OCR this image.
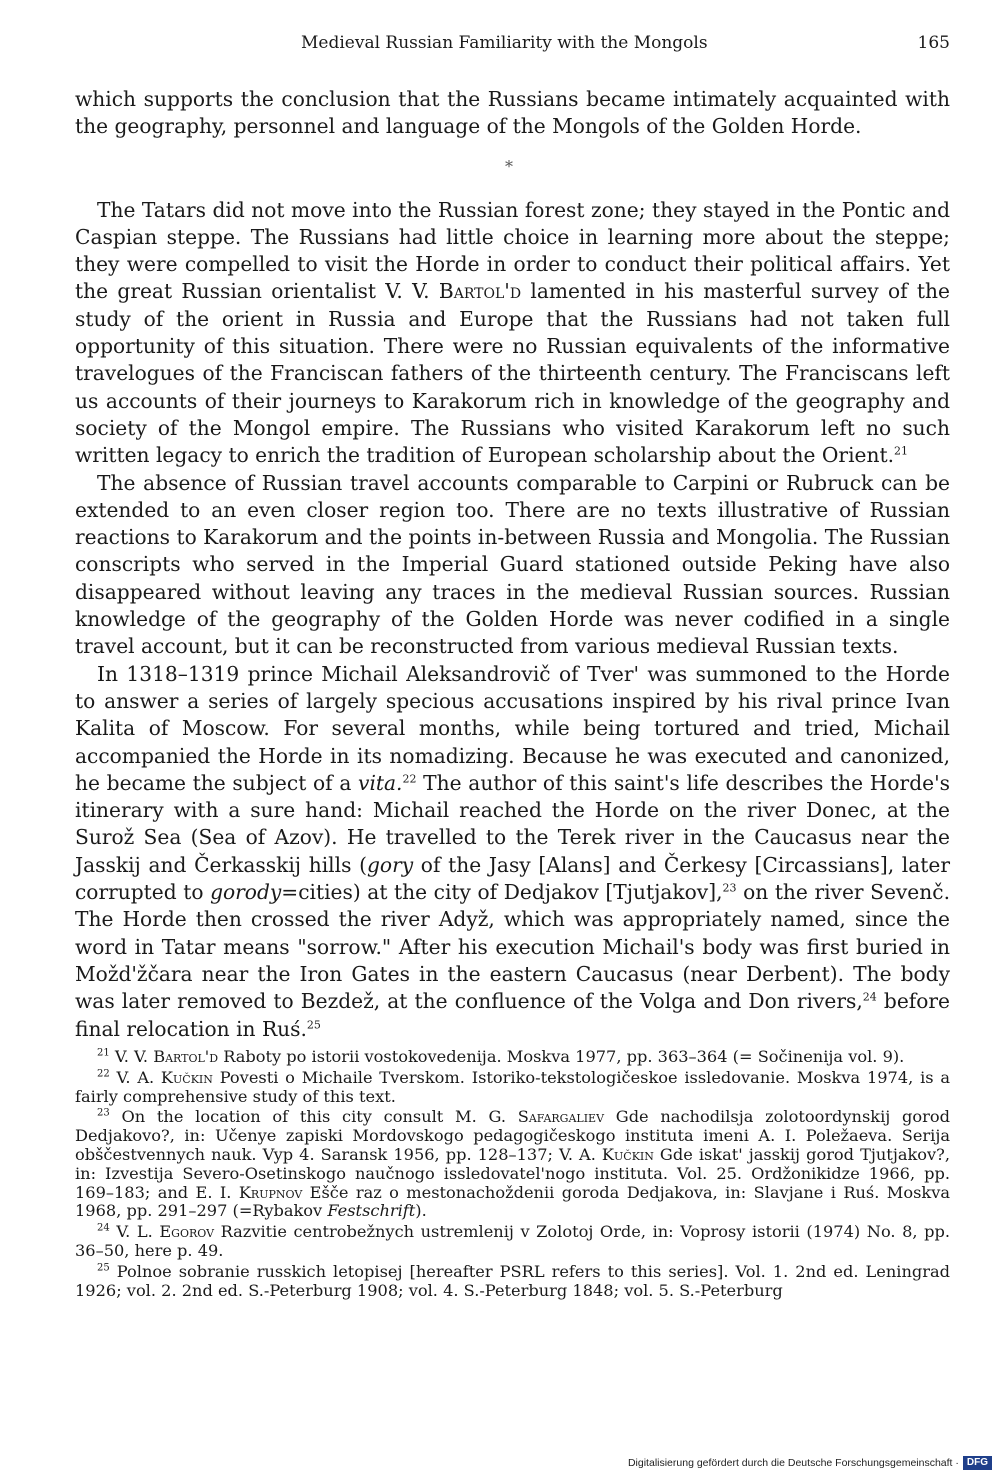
Medieval Russian Familiarity with the Mongols	165

which supports the conclusion that the Russians became intimately acquainted with the geography, personnel and language of the Mongols of the Golden Horde.

*

The Tatars did not move into the Russian forest zone; they stayed in the Pontic and Caspian steppe. The Russians had little choice in learning more about the steppe; they were compelled to visit the Horde in order to conduct their political affairs. Yet the great Russian orientalist V. V. Bartol'd lamented in his masterful survey of the study of the orient in Russia and Europe that the Russians had not taken full opportunity of this situation. There were no Russian equivalents of the informative travelogues of the Franciscan fathers of the thirteenth century. The Franciscans left us accounts of their journeys to Karakorum rich in knowledge of the geography and society of the Mongol empire. The Russians who visited Karakorum left no such written legacy to enrich the tradition of European scholarship about the Orient.$^{21}$

The absence of Russian travel accounts comparable to Carpini or Rubruck can be extended to an even closer region too. There are no texts illustrative of Russian reactions to Karakorum and the points in-between Russia and Mongolia. The Russian conscripts who served in the Imperial Guard stationed outside Peking have also disappeared without leaving any traces in the medieval Russian sources. Russian knowledge of the geography of the Golden Horde was never codified in a single travel account, but it can be reconstructed from various medieval Russian texts.

In 1318–1319 prince Michail Aleksandrovič of Tver' was summoned to the Horde to answer a series of largely specious accusations inspired by his rival prince Ivan Kalita of Moscow. For several months, while being tortured and tried, Michail accompanied the Horde in its nomadizing. Because he was executed and canonized, he became the subject of a vita.$^{22}$ The author of this saint's life describes the Horde's itinerary with a sure hand: Michail reached the Horde on the river Donec, at the Surož Sea (Sea of Azov). He travelled to the Terek river in the Caucasus near the Jasskij and Čerkasskij hills (gory of the Jasy [Alans] and Čerkesy [Circassians], later corrupted to gorody=cities) at the city of Dedjakov [Tjutjakov],$^{23}$ on the river Sevenč. The Horde then crossed the river Adyž, which was appropriately named, since the word in Tatar means "sorrow." After his execution Michail's body was first buried in Možd'žčara near the Iron Gates in the eastern Caucasus (near Derbent). The body was later removed to Bezdež, at the confluence of the Volga and Don rivers,$^{24}$ before final relocation in Ruś.$^{25}$

$^{21}$ V. V. Bartol'd Raboty po istorii vostokovedenija. Moskva 1977, pp. 363–364 (= Sočinenija vol. 9).

$^{22}$ V. A. Kučkin Povesti o Michaile Tverskom. Istoriko-tekstologičeskoe issledovanie. Moskva 1974, is a fairly comprehensive study of this text.

$^{23}$ On the location of this city consult M. G. Safargaliev Gde nachodilsja zolotoordynskij gorod Dedjakovo?, in: Učenye zapiski Mordovskogo pedagogičeskogo instituta imeni A. I. Poležaeva. Serija obščestvennych nauk. Vyp 4. Saransk 1956, pp. 128–137; V. A. Kučkin Gde iskat' jasskij gorod Tjutjakov?, in: Izvestija Severo-Osetinskogo naučnogo issledovatel'nogo instituta. Vol. 25. Ordžonikidze 1966, pp. 169–183; and E. I. Krupnov Ešče raz o mestonachoždenii goroda Dedjakova, in: Slavjane i Ruś. Moskva 1968, pp. 291–297 (=Rybakov Festschrift).

$^{24}$ V. L. Egorov Razvitie centrobežnych ustremlenij v Zolotoj Orde, in: Voprosy istorii (1974) No. 8, pp. 36–50, here p. 49.

$^{25}$ Polnoe sobranie russkich letopisej [hereafter PSRL refers to this series]. Vol. 1. 2nd ed. Leningrad 1926; vol. 2. 2nd ed. S.-Peterburg 1908; vol. 4. S.-Peterburg 1848; vol. 5. S.-Peterburg

Digitalisierung gefördert durch die Deutsche Forschungsgemeinschaft · DFG
